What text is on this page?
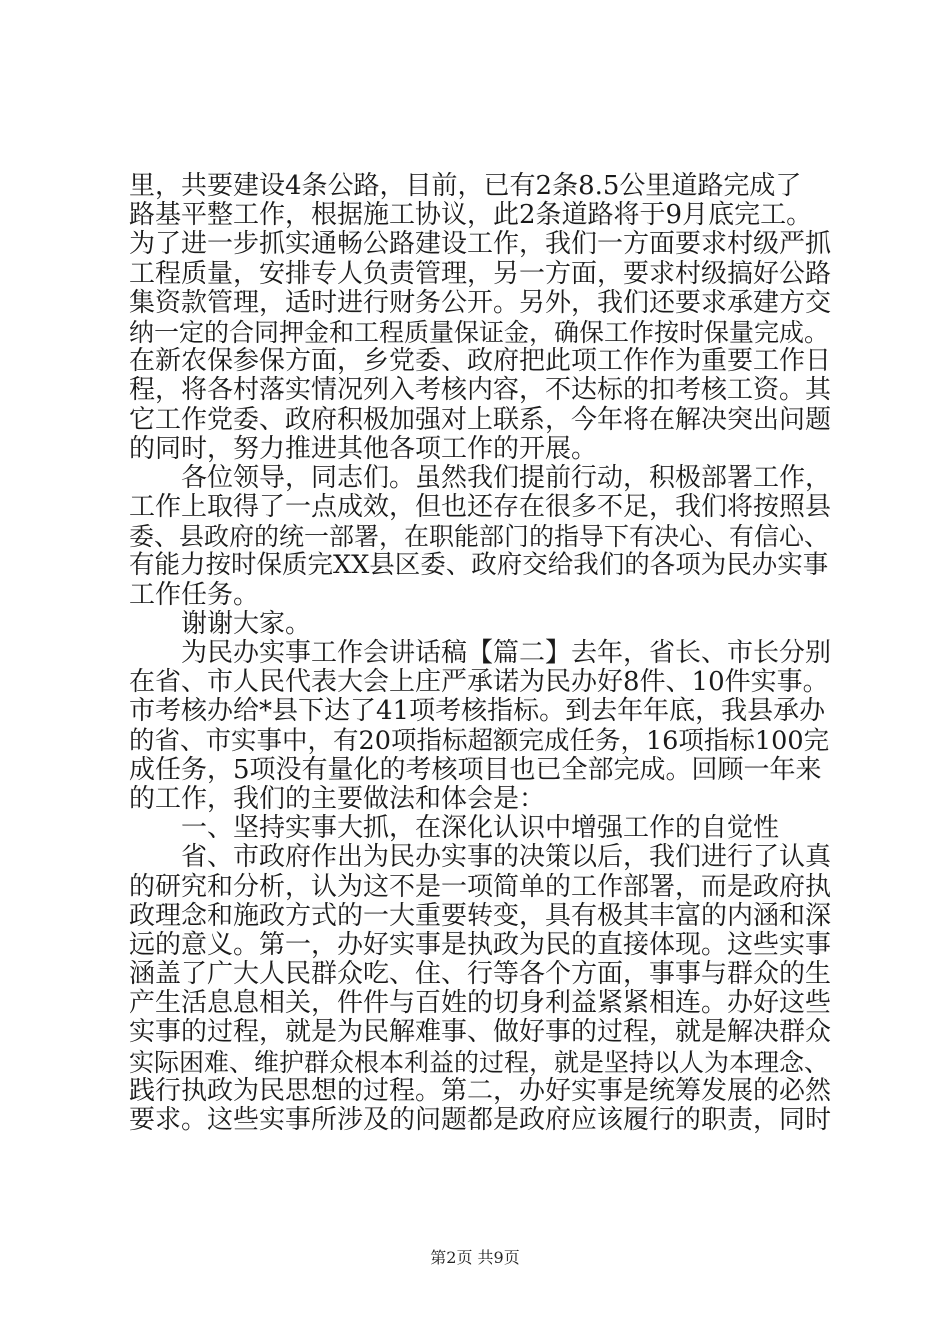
里，共要建设4条公路，目前，已有2条8.5公里道路完成了
路基平整工作，根据施工协议，此2条道路将于9月底完工。
为了进一步抓实通畅公路建设工作，我们一方面要求村级严抓
工程质量，安排专人负责管理，另一方面，要求村级搞好公路
集资款管理，适时进行财务公开。另外，我们还要求承建方交
纳一定的合同押金和工程质量保证金，确保工作按时保量完成。
在新农保参保方面，乡党委、政府把此项工作作为重要工作日
程，将各村落实情况列入考核内容，不达标的扣考核工资。其
它工作党委、政府积极加强对上联系，今年将在解决突出问题
的同时，努力推进其他各项工作的开展。
各位领导，同志们。虽然我们提前行动，积极部署工作，
工作上取得了一点成效，但也还存在很多不足，我们将按照县
委、县政府的统一部署，在职能部门的指导下有决心、有信心、
有能力按时保质完XX县区委、政府交给我们的各项为民办实事
工作任务。
谢谢大家。
为民办实事工作会讲话稿【篇二】去年，省长、市长分别
在省、市人民代表大会上庄严承诺为民办好8件、10件实事。
市考核办给*县下达了41项考核指标。到去年年底，我县承办
的省、市实事中，有20项指标超额完成任务，16项指标100完
成任务，5项没有量化的考核项目也已全部完成。回顾一年来
的工作，我们的主要做法和体会是：
一、坚持实事大抓，在深化认识中增强工作的自觉性
省、市政府作出为民办实事的决策以后，我们进行了认真
的研究和分析，认为这不是一项简单的工作部署，而是政府执
政理念和施政方式的一大重要转变，具有极其丰富的内涵和深
远的意义。第一，办好实事是执政为民的直接体现。这些实事
涵盖了广大人民群众吃、住、行等各个方面，事事与群众的生
产生活息息相关，件件与百姓的切身利益紧紧相连。办好这些
实事的过程，就是为民解难事、做好事的过程，就是解决群众
实际困难、维护群众根本利益的过程，就是坚持以人为本理念、
践行执政为民思想的过程。第二，办好实事是统筹发展的必然
要求。这些实事所涉及的问题都是政府应该履行的职责，同时
第2页 共9页
